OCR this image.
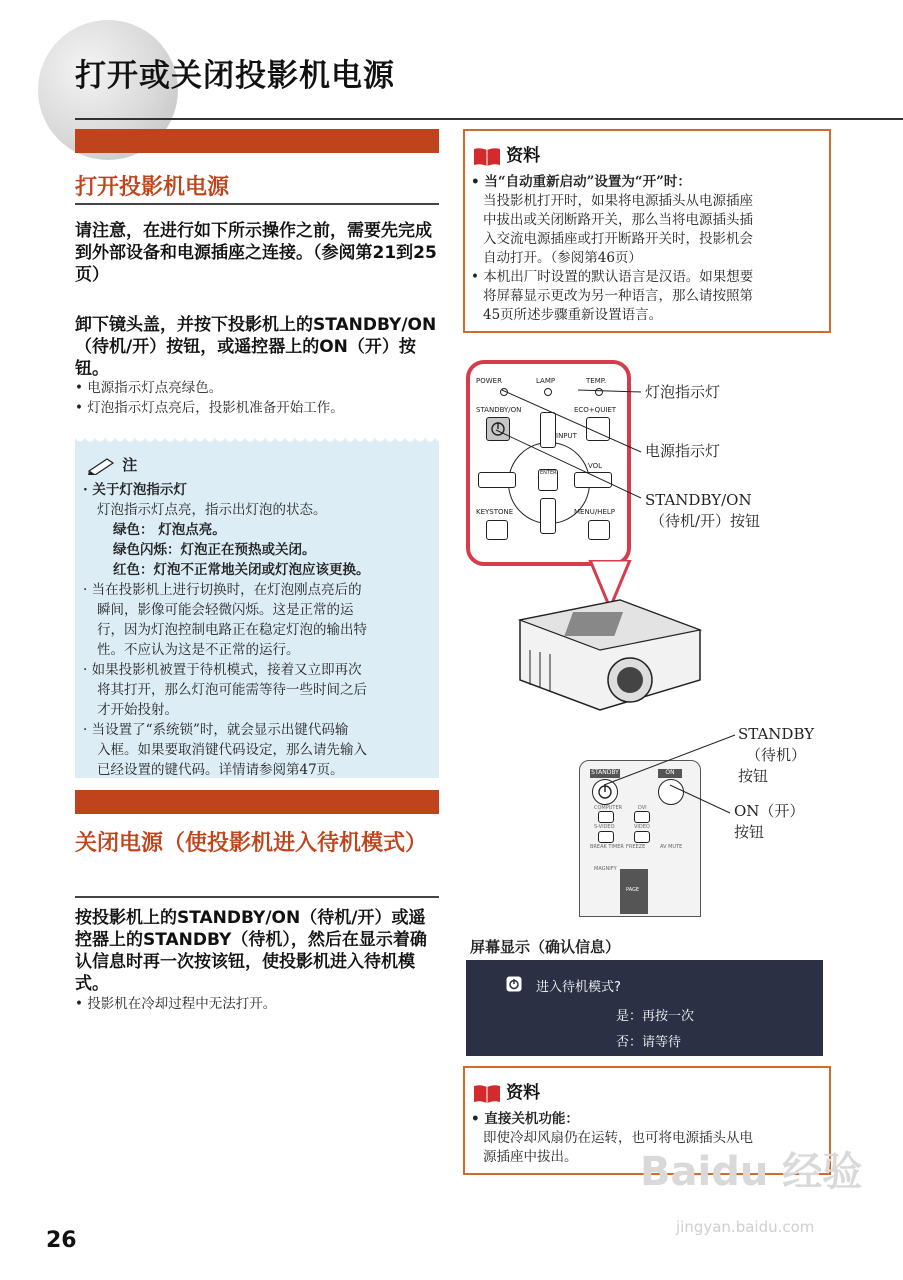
打开或关闭投影机电源
打开投影机电源
请注意，在进行如下所示操作之前，需要先完成到外部设备和电源插座之连接。（参阅第21到25页）
卸下镜头盖，并按下投影机上的STANDBY/ON（待机/开）按钮，或遥控器上的ON（开）按钮。
• 电源指示灯点亮绿色。
• 灯泡指示灯点亮后，投影机准备开始工作。
注
· 关于灯泡指示灯
灯泡指示灯点亮，指示出灯泡的状态。
绿色： 灯泡点亮。
绿色闪烁：灯泡正在预热或关闭。
红色：灯泡不正常地关闭或灯泡应该更换。
· 当在投影机上进行切换时，在灯泡刚点亮后的
瞬间，影像可能会轻微闪烁。这是正常的运
行，因为灯泡控制电路正在稳定灯泡的输出特
性。不应认为这是不正常的运行。
· 如果投影机被置于待机模式，接着又立即再次
将其打开，那么灯泡可能需等待一些时间之后
才开始投射。
· 当设置了“系统锁”时，就会显示出键代码输
入框。如果要取消键代码设定，那么请先输入
已经设置的键代码。详情请参阅第47页。
关闭电源（使投影机进入待机模式）
按投影机上的STANDBY/ON（待机/开）或遥控器上的STANDBY（待机），然后在显示着确认信息时再一次按该钮，使投影机进入待机模式。
• 投影机在冷却过程中无法打开。
资料
• 当“自动重新启动”设置为“开”时：
当投影机打开时，如果将电源插头从电源插座
中拔出或关闭断路开关，那么当将电源插头插
入交流电源插座或打开断路开关时，投影机会
自动打开。（参阅第46页）
• 本机出厂时设置的默认语言是汉语。如果想要
将屏幕显示更改为另一种语言，那么请按照第
45页所述步骤重新设置语言。
POWER	LAMP	TEMP.
STANDBY/ON	ECO+QUIET
INPUT
ENTER
VOL
KEYSTONE	MENU/HELP
灯泡指示灯
电源指示灯
STANDBY/ON
（待机/开）按钮
STANDBY	ON
COMPUTER	DVI
S-VIDEO	VIDEO
BREAK TIMER FREEZE	AV MUTE
MAGNIFY
PAGE
STANDBY
（待机）
按钮
ON（开）
按钮
屏幕显示（确认信息）
进入待机模式?
是：再按一次
否：请等待
资料
• 直接关机功能：
即使冷却风扇仍在运转，也可将电源插头从电
源插座中拔出。	Baidu 经验
jingyan.baidu.com
26
